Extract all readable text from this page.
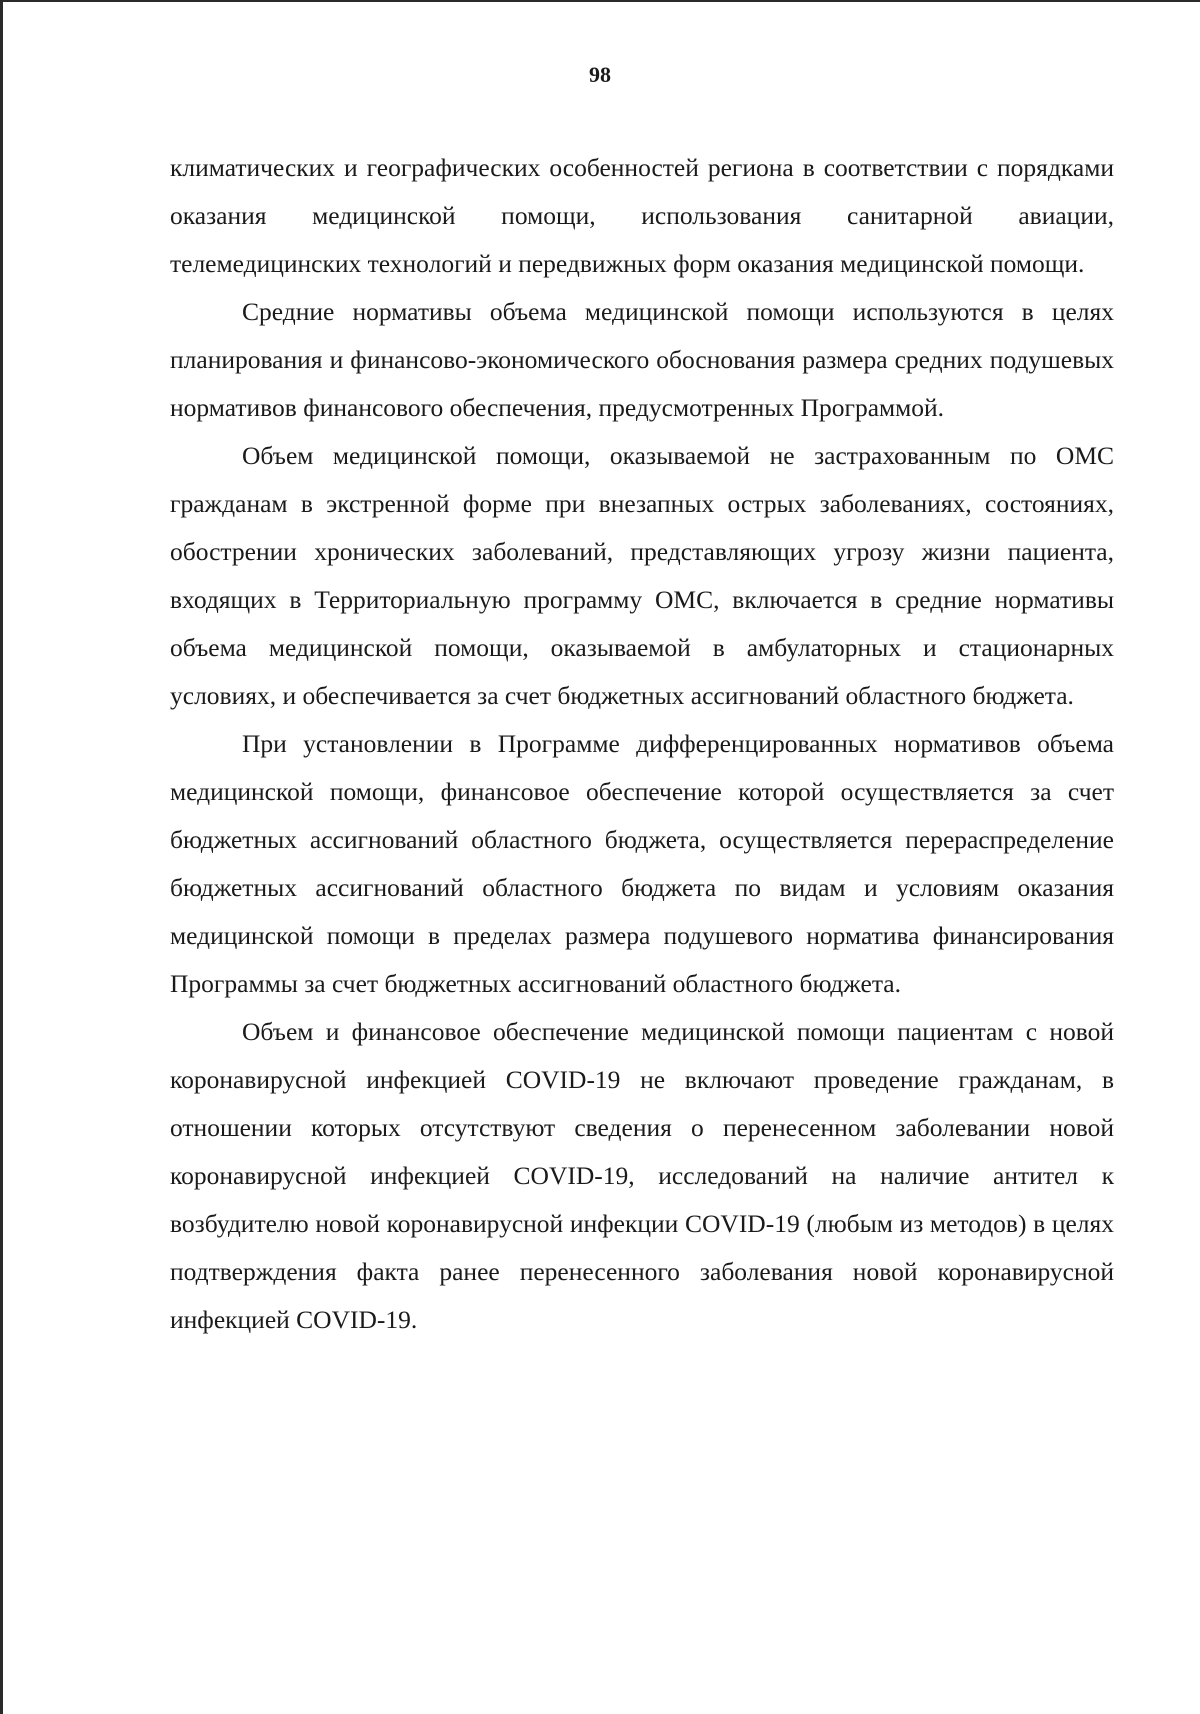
98

климатических и географических особенностей региона в соответствии с порядками оказания медицинской помощи, использования санитарной авиации, телемедицинских технологий и передвижных форм оказания медицинской помощи.

Средние нормативы объема медицинской помощи используются в целях планирования и финансово-экономического обоснования размера средних подушевых нормативов финансового обеспечения, предусмотренных Программой.

Объем медицинской помощи, оказываемой не застрахованным по ОМС гражданам в экстренной форме при внезапных острых заболеваниях, состояниях, обострении хронических заболеваний, представляющих угрозу жизни пациента, входящих в Территориальную программу ОМС, включается в средние нормативы объема медицинской помощи, оказываемой в амбулаторных и стационарных условиях, и обеспечивается за счет бюджетных ассигнований областного бюджета.

При установлении в Программе дифференцированных нормативов объема медицинской помощи, финансовое обеспечение которой осуществляется за счет бюджетных ассигнований областного бюджета, осуществляется перераспределение бюджетных ассигнований областного бюджета по видам и условиям оказания медицинской помощи в пределах размера подушевого норматива финансирования Программы за счет бюджетных ассигнований областного бюджета.

Объем и финансовое обеспечение медицинской помощи пациентам с новой коронавирусной инфекцией COVID-19 не включают проведение гражданам, в отношении которых отсутствуют сведения о перенесенном заболевании новой коронавирусной инфекцией COVID-19, исследований на наличие антител к возбудителю новой коронавирусной инфекции COVID-19 (любым из методов) в целях подтверждения факта ранее перенесенного заболевания новой коронавирусной инфекцией COVID-19.
